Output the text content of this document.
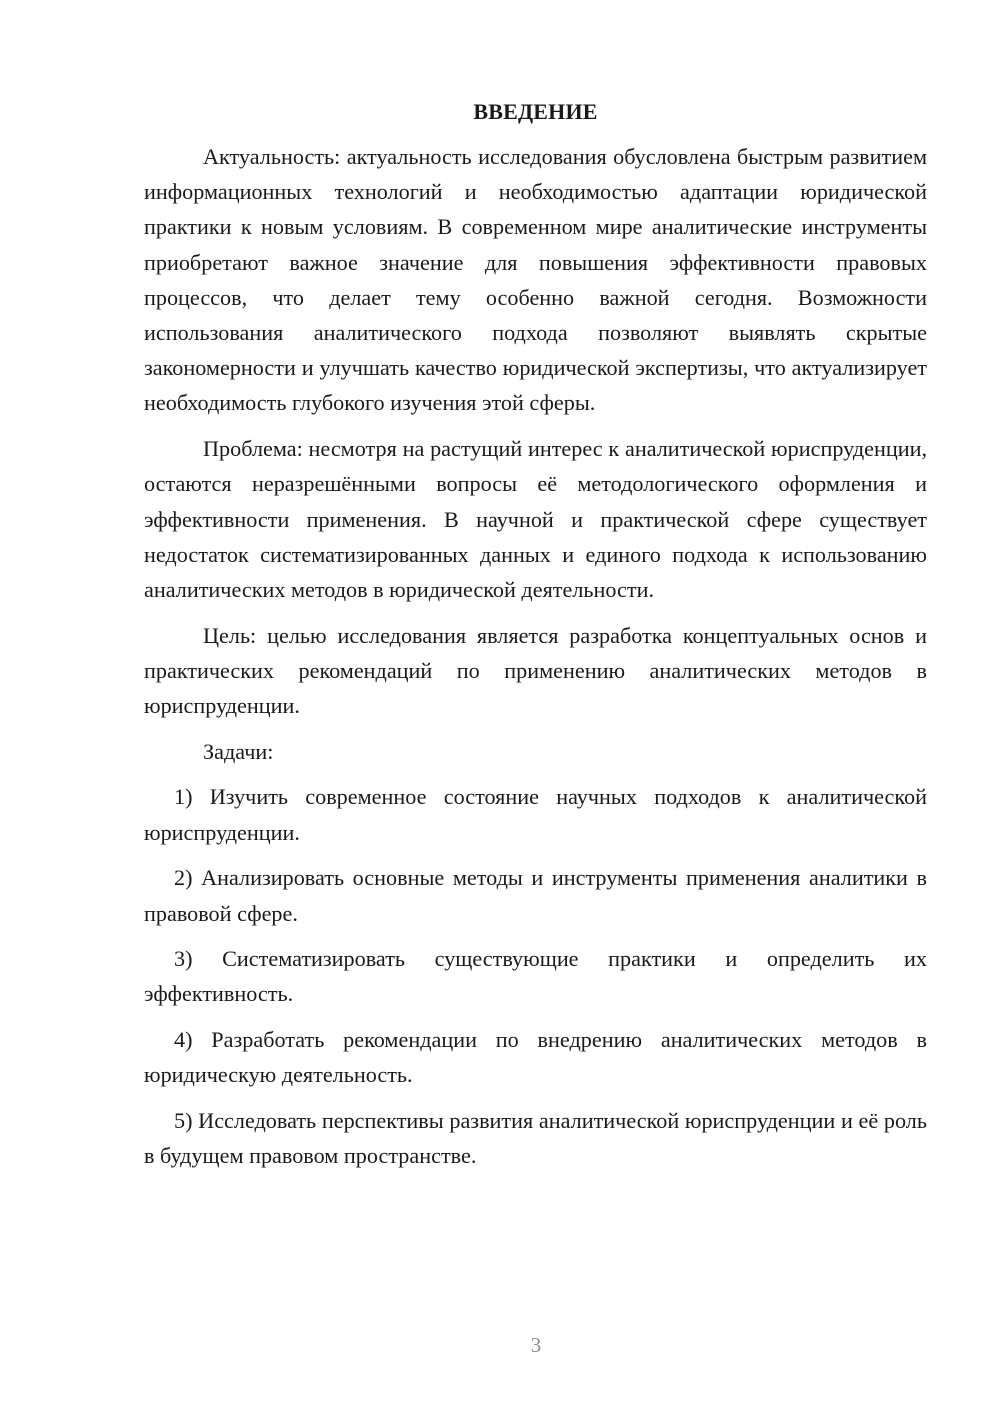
ВВЕДЕНИЕ

Актуальность: актуальность исследования обусловлена быстрым развитием информационных технологий и необходимостью адаптации юридической практики к новым условиям. В современном мире аналитические инструменты приобретают важное значение для повышения эффективности правовых процессов, что делает тему особенно важной сегодня. Возможности использования аналитического подхода позволяют выявлять скрытые закономерности и улучшать качество юридической экспертизы, что актуализирует необходимость глубокого изучения этой сферы.

Проблема: несмотря на растущий интерес к аналитической юриспруденции, остаются неразрешёнными вопросы её методологического оформления и эффективности применения. В научной и практической сфере существует недостаток систематизированных данных и единого подхода к использованию аналитических методов в юридической деятельности.

Цель: целью исследования является разработка концептуальных основ и практических рекомендаций по применению аналитических методов в юриспруденции.

Задачи:

1) Изучить современное состояние научных подходов к аналитической юриспруденции.

2) Анализировать основные методы и инструменты применения аналитики в правовой сфере.

3) Систематизировать существующие практики и определить их эффективность.

4) Разработать рекомендации по внедрению аналитических методов в юридическую деятельность.

5) Исследовать перспективы развития аналитической юриспруденции и её роль в будущем правовом пространстве.

3
